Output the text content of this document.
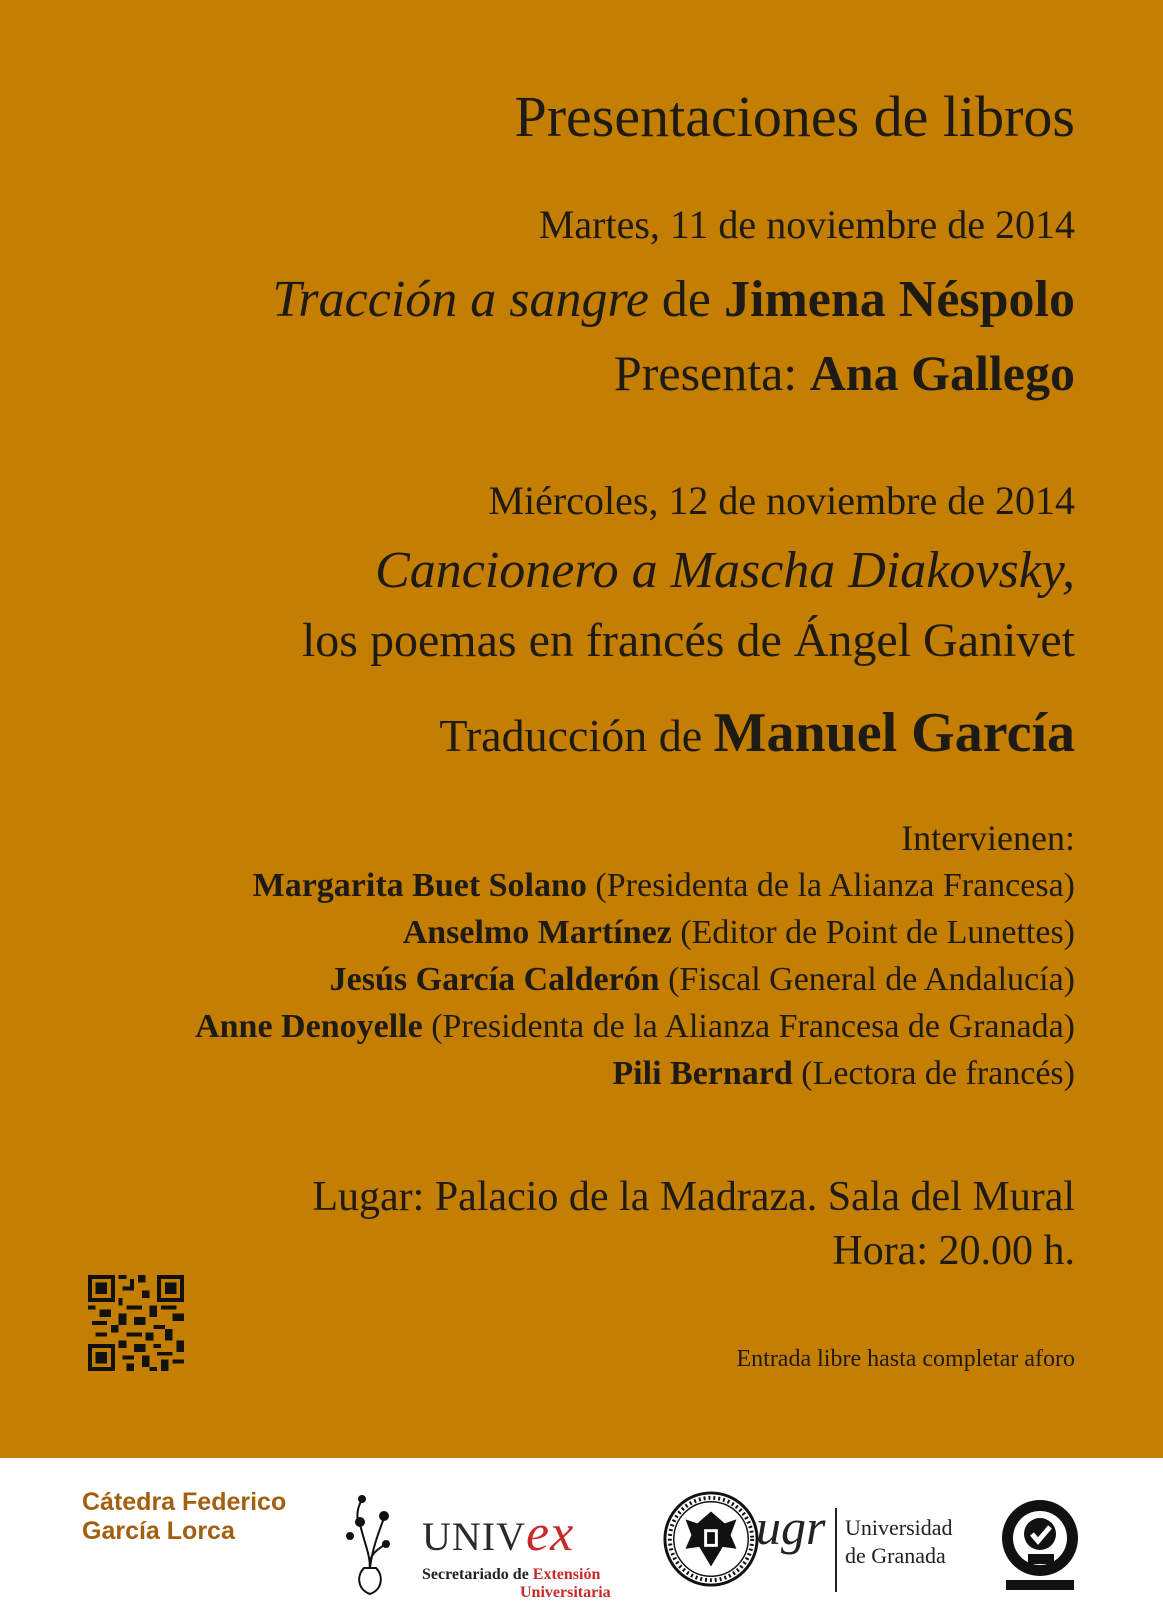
Presentaciones de libros
Martes, 11 de noviembre de 2014
Tracción a sangre de Jimena Néspolo
Presenta: Ana Gallego
Miércoles, 12 de noviembre de 2014
Cancionero a Mascha Diakovsky,
los poemas en francés de Ángel Ganivet
Traducción de Manuel García
Intervienen:
Margarita Buet Solano (Presidenta de la Alianza Francesa)
Anselmo Martínez (Editor de Point de Lunettes)
Jesús García Calderón (Fiscal General de Andalucía)
Anne Denoyelle (Presidenta de la Alianza Francesa de Granada)
Pili Bernard (Lectora de francés)
Lugar: Palacio de la Madraza. Sala del Mural
Hora: 20.00 h.
Entrada libre hasta completar aforo
Cátedra Federico
García Lorca	UNIVex
Secretariado de Extensión
Universitaria
ugr Universidad
de Granada
